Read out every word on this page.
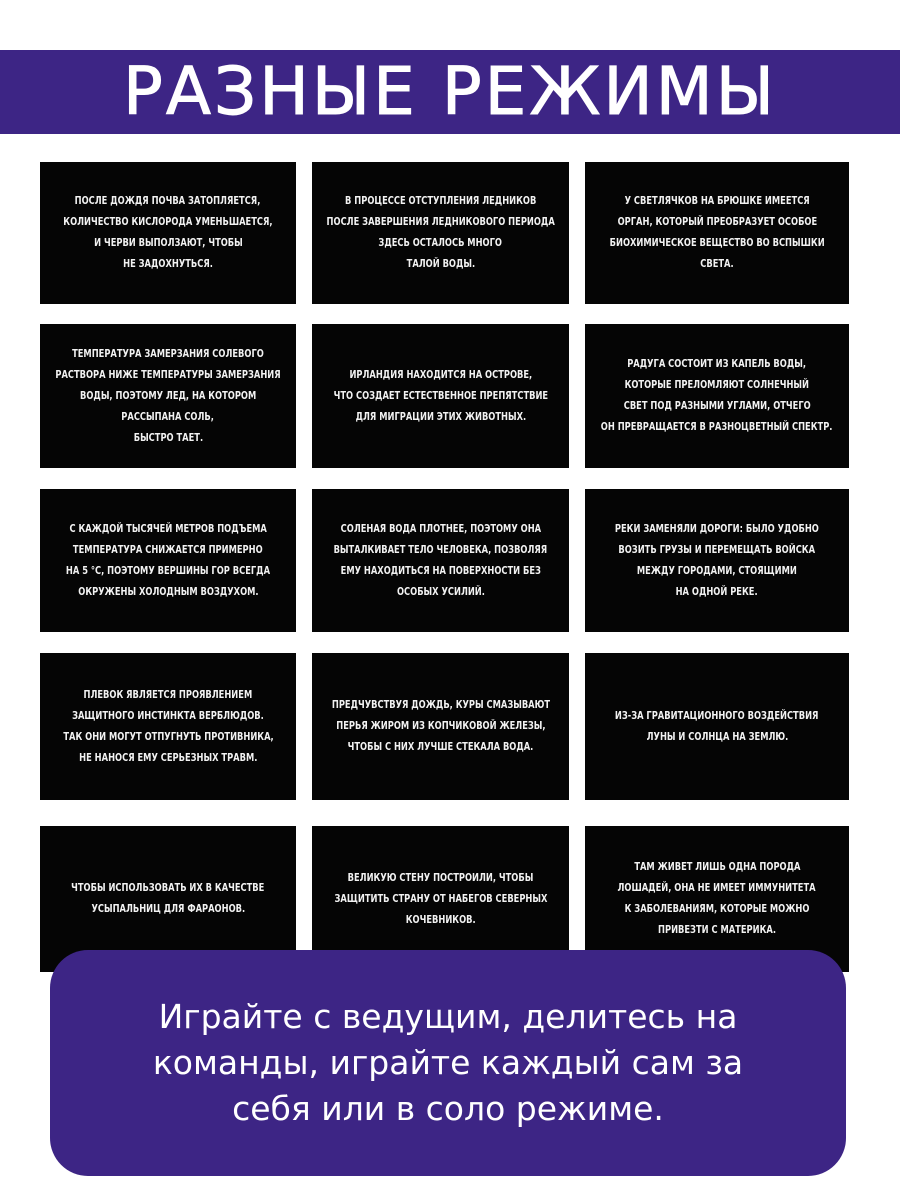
РАЗНЫЕ РЕЖИМЫ
ПОСЛЕ ДОЖДЯ ПОЧВА ЗАТОПЛЯЕТСЯ,
КОЛИЧЕСТВО КИСЛОРОДА УМЕНЬШАЕТСЯ,
И ЧЕРВИ ВЫПОЛЗАЮТ, ЧТОБЫ
НЕ ЗАДОХНУТЬСЯ.
В ПРОЦЕССЕ ОТСТУПЛЕНИЯ ЛЕДНИКОВ
ПОСЛЕ ЗАВЕРШЕНИЯ ЛЕДНИКОВОГО ПЕРИОДА
ЗДЕСЬ ОСТАЛОСЬ МНОГО
ТАЛОЙ ВОДЫ.
У СВЕТЛЯЧКОВ НА БРЮШКЕ ИМЕЕТСЯ
ОРГАН, КОТОРЫЙ ПРЕОБРАЗУЕТ ОСОБОЕ
БИОХИМИЧЕСКОЕ ВЕЩЕСТВО ВО ВСПЫШКИ
СВЕТА.
ТЕМПЕРАТУРА ЗАМЕРЗАНИЯ СОЛЕВОГО
РАСТВОРА НИЖЕ ТЕМПЕРАТУРЫ ЗАМЕРЗАНИЯ
ВОДЫ, ПОЭТОМУ ЛЕД, НА КОТОРОМ
РАССЫПАНА СОЛЬ,
БЫСТРО ТАЕТ.
ИРЛАНДИЯ НАХОДИТСЯ НА ОСТРОВЕ,
ЧТО СОЗДАЕТ ЕСТЕСТВЕННОЕ ПРЕПЯТСТВИЕ
ДЛЯ МИГРАЦИИ ЭТИХ ЖИВОТНЫХ.
РАДУГА СОСТОИТ ИЗ КАПЕЛЬ ВОДЫ,
КОТОРЫЕ ПРЕЛОМЛЯЮТ СОЛНЕЧНЫЙ
СВЕТ ПОД РАЗНЫМИ УГЛАМИ, ОТЧЕГО
ОН ПРЕВРАЩАЕТСЯ В РАЗНОЦВЕТНЫЙ СПЕКТР.
С КАЖДОЙ ТЫСЯЧЕЙ МЕТРОВ ПОДЪЕМА
ТЕМПЕРАТУРА СНИЖАЕТСЯ ПРИМЕРНО
НА 5 °С, ПОЭТОМУ ВЕРШИНЫ ГОР ВСЕГДА
ОКРУЖЕНЫ ХОЛОДНЫМ ВОЗДУХОМ.
СОЛЕНАЯ ВОДА ПЛОТНЕЕ, ПОЭТОМУ ОНА
ВЫТАЛКИВАЕТ ТЕЛО ЧЕЛОВЕКА, ПОЗВОЛЯЯ
ЕМУ НАХОДИТЬСЯ НА ПОВЕРХНОСТИ БЕЗ
ОСОБЫХ УСИЛИЙ.
РЕКИ ЗАМЕНЯЛИ ДОРОГИ: БЫЛО УДОБНО
ВОЗИТЬ ГРУЗЫ И ПЕРЕМЕЩАТЬ ВОЙСКА
МЕЖДУ ГОРОДАМИ, СТОЯЩИМИ
НА ОДНОЙ РЕКЕ.
ПЛЕВОК ЯВЛЯЕТСЯ ПРОЯВЛЕНИЕМ
ЗАЩИТНОГО ИНСТИНКТА ВЕРБЛЮДОВ.
ТАК ОНИ МОГУТ ОТПУГНУТЬ ПРОТИВНИКА,
НЕ НАНОСЯ ЕМУ СЕРЬЕЗНЫХ ТРАВМ.
ПРЕДЧУВСТВУЯ ДОЖДЬ, КУРЫ СМАЗЫВАЮТ
ПЕРЬЯ ЖИРОМ ИЗ КОПЧИКОВОЙ ЖЕЛЕЗЫ,
ЧТОБЫ С НИХ ЛУЧШЕ СТЕКАЛА ВОДА.
ИЗ-ЗА ГРАВИТАЦИОННОГО ВОЗДЕЙСТВИЯ
ЛУНЫ И СОЛНЦА НА ЗЕМЛЮ.
ЧТОБЫ ИСПОЛЬЗОВАТЬ ИХ В КАЧЕСТВЕ
УСЫПАЛЬНИЦ ДЛЯ ФАРАОНОВ.
ВЕЛИКУЮ СТЕНУ ПОСТРОИЛИ, ЧТОБЫ
ЗАЩИТИТЬ СТРАНУ ОТ НАБЕГОВ СЕВЕРНЫХ
КОЧЕВНИКОВ.
ТАМ ЖИВЕТ ЛИШЬ ОДНА ПОРОДА
ЛОШАДЕЙ, ОНА НЕ ИМЕЕТ ИММУНИТЕТА
К ЗАБОЛЕВАНИЯМ, КОТОРЫЕ МОЖНО
ПРИВЕЗТИ С МАТЕРИКА.
Играйте с ведущим, делитесь на
команды, играйте каждый сам за
себя или в соло режиме.
